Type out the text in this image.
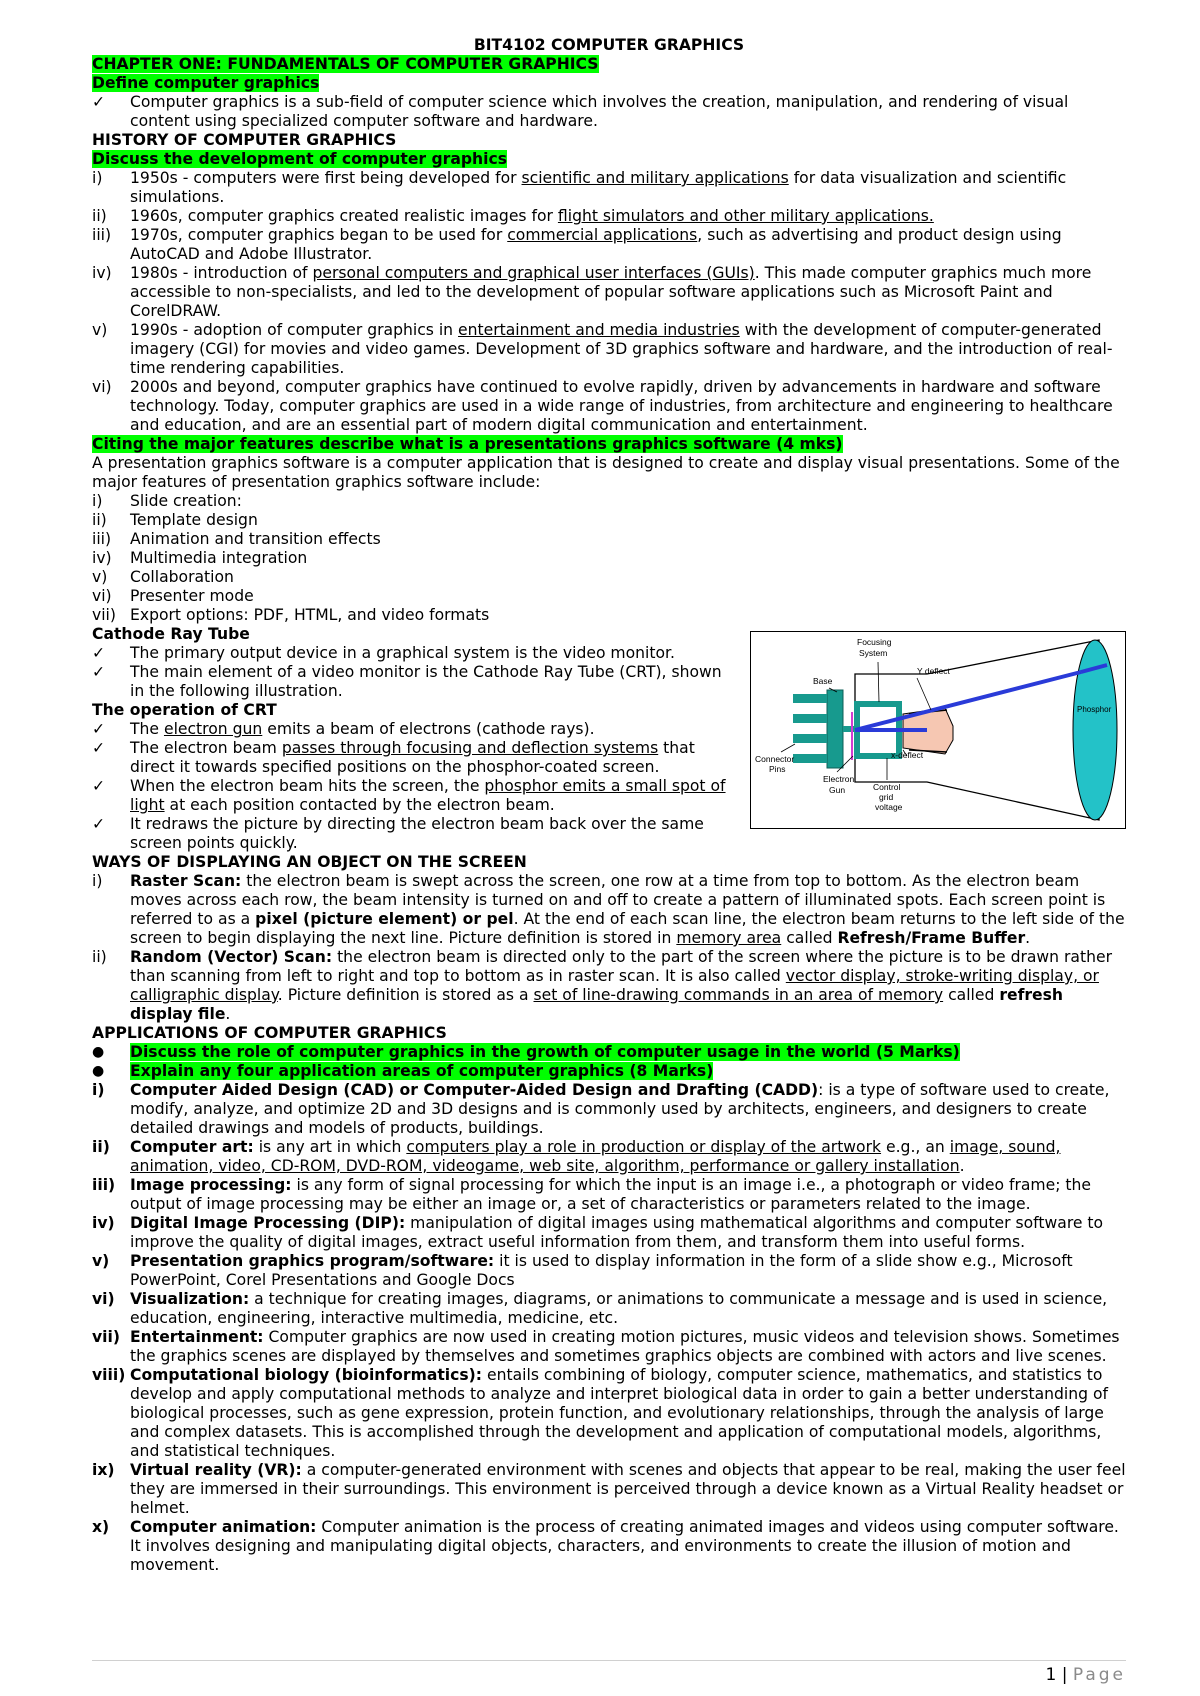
BIT4102 COMPUTER GRAPHICS
CHAPTER ONE: FUNDAMENTALS OF COMPUTER GRAPHICS
Define computer graphics
✓	Computer graphics is a sub-field of computer science which involves the creation, manipulation, and rendering of visual content using specialized computer software and hardware.
HISTORY OF COMPUTER GRAPHICS
Discuss the development of computer graphics
i)	1950s - computers were first being developed for scientific and military applications for data visualization and scientific simulations.
ii)	1960s, computer graphics created realistic images for flight simulators and other military applications.
iii)	1970s, computer graphics began to be used for commercial applications, such as advertising and product design using AutoCAD and Adobe Illustrator.
iv)	1980s - introduction of personal computers and graphical user interfaces (GUIs). This made computer graphics much more accessible to non-specialists, and led to the development of popular software applications such as Microsoft Paint and CorelDRAW.
v)	1990s - adoption of computer graphics in entertainment and media industries with the development of computer-generated imagery (CGI) for movies and video games. Development of 3D graphics software and hardware, and the introduction of real-time rendering capabilities.
vi)	2000s and beyond, computer graphics have continued to evolve rapidly, driven by advancements in hardware and software technology. Today, computer graphics are used in a wide range of industries, from architecture and engineering to healthcare and education, and are an essential part of modern digital communication and entertainment.
Citing the major features describe what is a presentations graphics software (4 mks)
A presentation graphics software is a computer application that is designed to create and display visual presentations. Some of the major features of presentation graphics software include:
i)	Slide creation:
ii)	Template design
iii)	Animation and transition effects
iv)	Multimedia integration
v)	Collaboration
vi)	Presenter mode
vii) Export options: PDF, HTML, and video formats
Cathode Ray Tube
✓	The primary output device in a graphical system is the video monitor.
✓	The main element of a video monitor is the Cathode Ray Tube (CRT), shown in the following illustration.
The operation of CRT
✓	The electron gun emits a beam of electrons (cathode rays).
✓	The electron beam passes through focusing and deflection systems that direct it towards specified positions on the phosphor-coated screen.
✓	When the electron beam hits the screen, the phosphor emits a small spot of light at each position contacted by the electron beam.
✓	It redraws the picture by directing the electron beam back over the same screen points quickly.
Focusing
System
Y deflect
Base
Phosphor
Connector
Pins
x-deflect
Electron
Gun	Control
grid
voltage
WAYS OF DISPLAYING AN OBJECT ON THE SCREEN
i)	Raster Scan: the electron beam is swept across the screen, one row at a time from top to bottom. As the electron beam moves across each row, the beam intensity is turned on and off to create a pattern of illuminated spots. Each screen point is referred to as a pixel (picture element) or pel. At the end of each scan line, the electron beam returns to the left side of the screen to begin displaying the next line. Picture definition is stored in memory area called Refresh/Frame Buffer.
ii)	Random (Vector) Scan: the electron beam is directed only to the part of the screen where the picture is to be drawn rather than scanning from left to right and top to bottom as in raster scan. It is also called vector display, stroke-writing display, or calligraphic display. Picture definition is stored as a set of line-drawing commands in an area of memory called refresh display file.
APPLICATIONS OF COMPUTER GRAPHICS
●	Discuss the role of computer graphics in the growth of computer usage in the world (5 Marks)
●	Explain any four application areas of computer graphics (8 Marks)
i)	Computer Aided Design (CAD) or Computer-Aided Design and Drafting (CADD): is a type of software used to create, modify, analyze, and optimize 2D and 3D designs and is commonly used by architects, engineers, and designers to create detailed drawings and models of products, buildings.
ii)	Computer art: is any art in which computers play a role in production or display of the artwork e.g., an image, sound, animation, video, CD-ROM, DVD-ROM, videogame, web site, algorithm, performance or gallery installation.
iii) Image processing: is any form of signal processing for which the input is an image i.e., a photograph or video frame; the output of image processing may be either an image or, a set of characteristics or parameters related to the image.
iv) Digital Image Processing (DIP): manipulation of digital images using mathematical algorithms and computer software to improve the quality of digital images, extract useful information from them, and transform them into useful forms.
v)	Presentation graphics program/software: it is used to display information in the form of a slide show e.g., Microsoft PowerPoint, Corel Presentations and Google Docs
vi) Visualization: a technique for creating images, diagrams, or animations to communicate a message and is used in science, education, engineering, interactive multimedia, medicine, etc.
vii) Entertainment: Computer graphics are now used in creating motion pictures, music videos and television shows. Sometimes the graphics scenes are displayed by themselves and sometimes graphics objects are combined with actors and live scenes.
viii) Computational biology (bioinformatics): entails combining of biology, computer science, mathematics, and statistics to develop and apply computational methods to analyze and interpret biological data in order to gain a better understanding of biological processes, such as gene expression, protein function, and evolutionary relationships, through the analysis of large and complex datasets. This is accomplished through the development and application of computational models, algorithms, and statistical techniques.
ix) Virtual reality (VR): a computer-generated environment with scenes and objects that appear to be real, making the user feel they are immersed in their surroundings. This environment is perceived through a device known as a Virtual Reality headset or helmet.
x)	Computer animation: Computer animation is the process of creating animated images and videos using computer software. It involves designing and manipulating digital objects, characters, and environments to create the illusion of motion and movement.
1 | Page
